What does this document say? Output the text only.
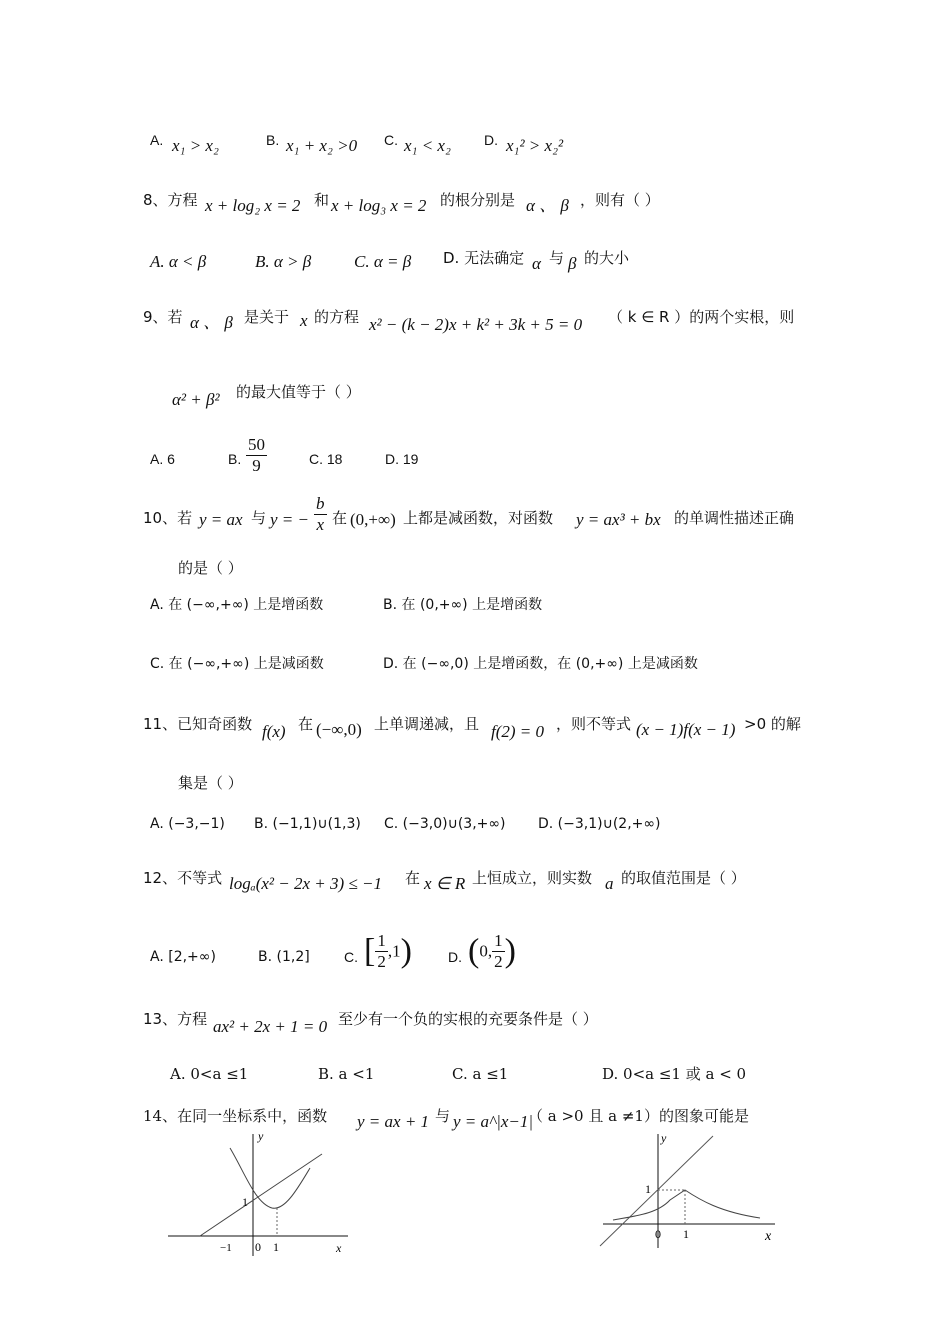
A. x₁ > x₂	B. x₁ + x₂ >0 C. x₁ < x₂ D. x₁² > x₂²
8、方程 x + log₂ x = 2 和 x + log₃ x = 2 的根分别是 α 、 β ，则有（ ）
A. α < β	B. α > β	C. α = β D. 无法确定 α 与 β 的大小
9、若 α 、 β 是关于 x 的方程 x² − (k − 2)x + k² + 3k + 5 = 0 （ k ∈ R ）的两个实根，则
α² + β² 的最大值等于（ ）
A. 6	B. $\frac{50}{9}$	C. 18	D. 19
10、若 y = ax 与 y = − $\frac{b}{x}$ 在 (0,+∞) 上都是减函数，对函数 y = ax³ + bx 的单调性描述正确
的是（ ）
A. 在 (−∞,+∞) 上是增函数	B. 在 (0,+∞) 上是增函数
C. 在 (−∞,+∞) 上是减函数	D. 在 (−∞,0) 上是增函数，在 (0,+∞) 上是减函数
11、已知奇函数 f(x) 在 (−∞,0) 上单调递减，且 f(2) = 0 ，则不等式 (x − 1)f(x − 1) >0 的解
集是（ ）
A. (−3,−1) B. (−1,1)∪(1,3) C. (−3,0)∪(3,+∞) D. (−3,1)∪(2,+∞)
12、不等式 logₐ(x² − 2x + 3) ≤ −1 在 x ∈ R 上恒成立，则实数 a 的取值范围是（ ）
A. [2,+∞)	B. (1,2] C. [ $\frac{1}{2} ,1$)	D. (0, $\frac{1}{2}$ )
13、方程 ax² + 2x + 1 = 0 至少有一个负的实根的充要条件是（ ）
A. 0<a ≤1	B. a <1	C. a ≤1	D. 0<a ≤1 或 a < 0
14、在同一坐标系中，函数 y = ax + 1 与 y = a^|x−1|
（ a >0 且 a ≠1）的图象可能是
y
x
1
−1 0 1
y
x
1
0 1
